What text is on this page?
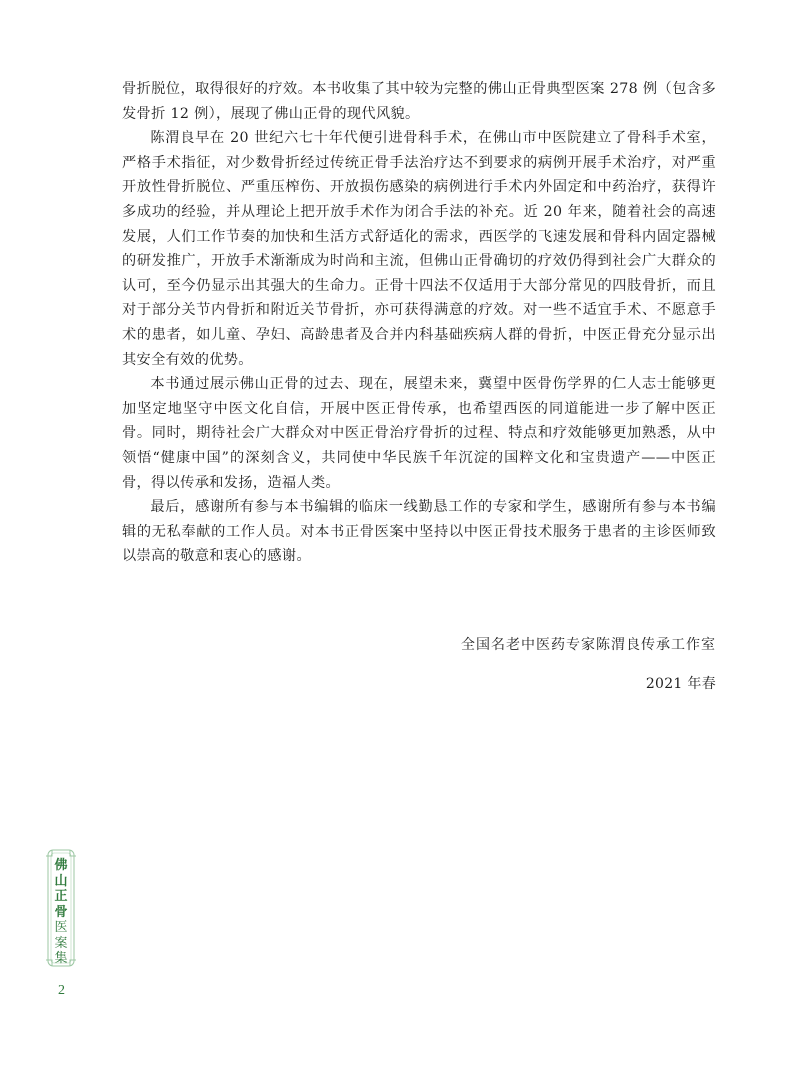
骨折脱位，取得很好的疗效。本书收集了其中较为完整的佛山正骨典型医案 278 例（包含多发骨折 12 例），展现了佛山正骨的现代风貌。

陈渭良早在 20 世纪六七十年代便引进骨科手术，在佛山市中医院建立了骨科手术室，严格手术指征，对少数骨折经过传统正骨手法治疗达不到要求的病例开展手术治疗，对严重开放性骨折脱位、严重压榨伤、开放损伤感染的病例进行手术内外固定和中药治疗，获得许多成功的经验，并从理论上把开放手术作为闭合手法的补充。近 20 年来，随着社会的高速发展，人们工作节奏的加快和生活方式舒适化的需求，西医学的飞速发展和骨科内固定器械的研发推广，开放手术渐渐成为时尚和主流，但佛山正骨确切的疗效仍得到社会广大群众的认可，至今仍显示出其强大的生命力。正骨十四法不仅适用于大部分常见的四肢骨折，而且对于部分关节内骨折和附近关节骨折，亦可获得满意的疗效。对一些不适宜手术、不愿意手术的患者，如儿童、孕妇、高龄患者及合并内科基础疾病人群的骨折，中医正骨充分显示出其安全有效的优势。

本书通过展示佛山正骨的过去、现在，展望未来，冀望中医骨伤学界的仁人志士能够更加坚定地坚守中医文化自信，开展中医正骨传承，也希望西医的同道能进一步了解中医正骨。同时，期待社会广大群众对中医正骨治疗骨折的过程、特点和疗效能够更加熟悉，从中领悟“健康中国”的深刻含义，共同使中华民族千年沉淀的国粹文化和宝贵遗产——中医正骨，得以传承和发扬，造福人类。

最后，感谢所有参与本书编辑的临床一线勤恳工作的专家和学生，感谢所有参与本书编辑的无私奉献的工作人员。对本书正骨医案中坚持以中医正骨技术服务于患者的主诊医师致以崇高的敬意和衷心的感谢。

全国名老中医药专家陈渭良传承工作室
2021 年春
佛
山
正
骨
医
案
集
2
